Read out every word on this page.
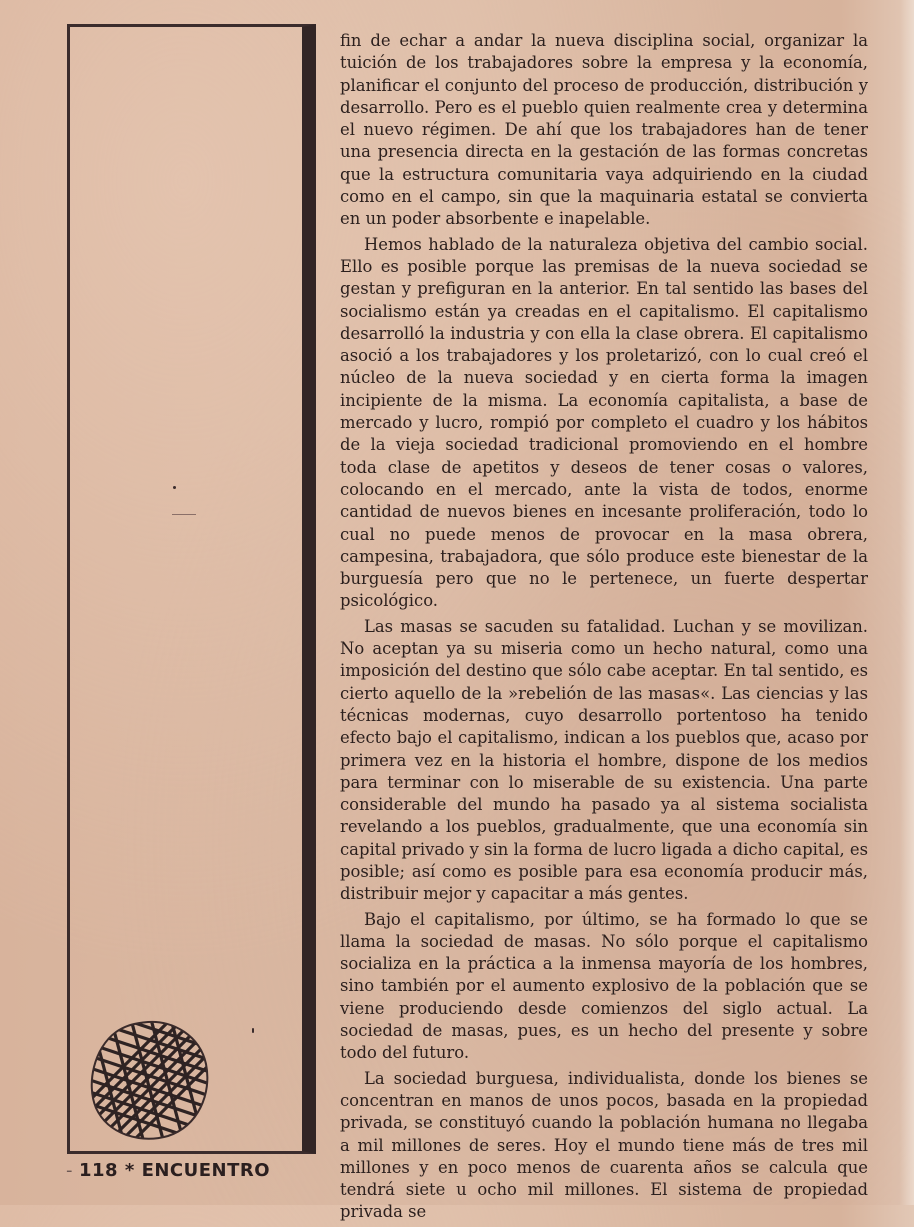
- 118 * ENCUENTRO

fin de echar a andar la nueva disciplina social, organizar la tuición de los trabajadores sobre la empresa y la economía, planificar el conjunto del proceso de producción, distribución y desarrollo. Pero es el pueblo quien realmente crea y determina el nuevo régimen. De ahí que los trabajadores han de tener una presencia directa en la gestación de las formas concretas que la estructura comunitaria vaya adquiriendo en la ciudad como en el campo, sin que la maquinaria estatal se convierta en un poder absorbente e inapelable.

Hemos hablado de la naturaleza objetiva del cambio social. Ello es posible porque las premisas de la nueva sociedad se gestan y prefiguran en la anterior. En tal sentido las bases del socialismo están ya creadas en el capitalismo. El capitalismo desarrolló la industria y con ella la clase obrera. El capitalismo asoció a los trabajadores y los proletarizó, con lo cual creó el núcleo de la nueva sociedad y en cierta forma la imagen incipiente de la misma. La economía capitalista, a base de mercado y lucro, rompió por completo el cuadro y los hábitos de la vieja sociedad tradicional promoviendo en el hombre toda clase de apetitos y deseos de tener cosas o valores, colocando en el mercado, ante la vista de todos, enorme cantidad de nuevos bienes en incesante proliferación, todo lo cual no puede menos de provocar en la masa obrera, campesina, trabajadora, que sólo produce este bienestar de la burguesía pero que no le pertenece, un fuerte despertar psicológico.

Las masas se sacuden su fatalidad. Luchan y se movilizan. No aceptan ya su miseria como un hecho natural, como una imposición del destino que sólo cabe aceptar. En tal sentido, es cierto aquello de la »rebelión de las masas«. Las ciencias y las técnicas modernas, cuyo desarrollo portentoso ha tenido efecto bajo el capitalismo, indican a los pueblos que, acaso por primera vez en la historia el hombre, dispone de los medios para terminar con lo miserable de su existencia. Una parte considerable del mundo ha pasado ya al sistema socialista revelando a los pueblos, gradualmente, que una economía sin capital privado y sin la forma de lucro ligada a dicho capital, es posible; así como es posible para esa economía producir más, distribuir mejor y capacitar a más gentes.

Bajo el capitalismo, por último, se ha formado lo que se llama la sociedad de masas. No sólo porque el capitalismo socializa en la práctica a la inmensa mayoría de los hombres, sino también por el aumento explosivo de la población que se viene produciendo desde comienzos del siglo actual. La sociedad de masas, pues, es un hecho del presente y sobre todo del futuro.

La sociedad burguesa, individualista, donde los bienes se concentran en manos de unos pocos, basada en la propiedad privada, se constituyó cuando la población humana no llegaba a mil millones de seres. Hoy el mundo tiene más de tres mil millones y en poco menos de cuarenta años se calcula que tendrá siete u ocho mil millones. El sistema de propiedad privada se
